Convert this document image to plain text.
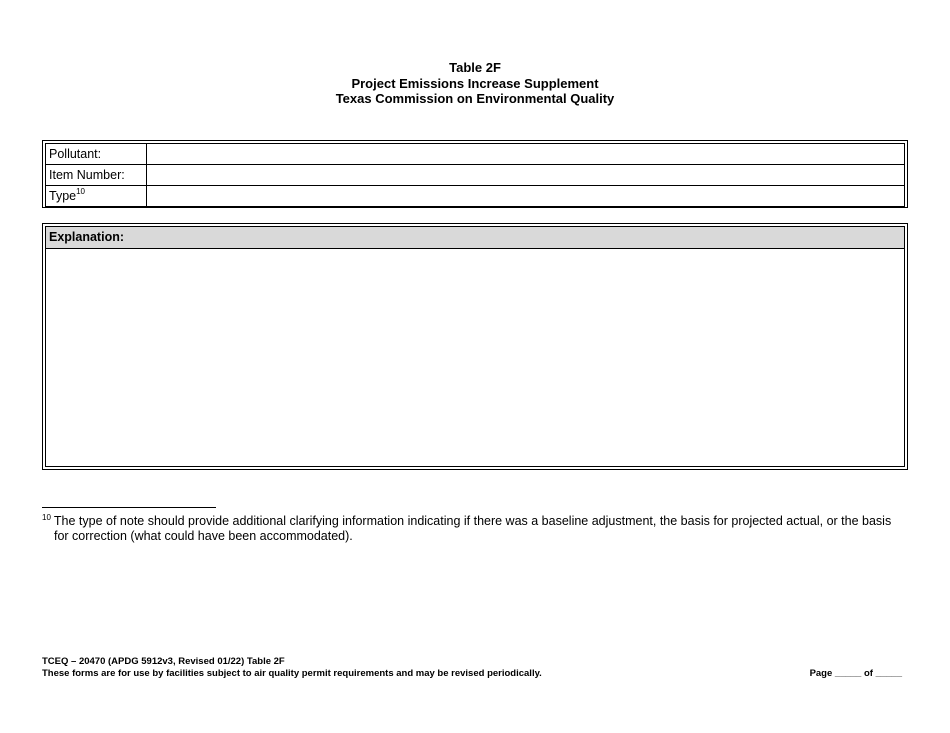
Table 2F
Project Emissions Increase Supplement
Texas Commission on Environmental Quality
Pollutant:	
Item Number:	
Type$^{10}$	
Explanation:
$^{10}$ The type of note should provide additional clarifying information indicating if there was a baseline adjustment, the basis for projected actual, or the basis for correction (what could have been accommodated).
TCEQ – 20470 (APDG 5912v3, Revised 01/22) Table 2F
These forms are for use by facilities subject to air quality permit requirements and may be revised periodically.	Page _____ of _____
